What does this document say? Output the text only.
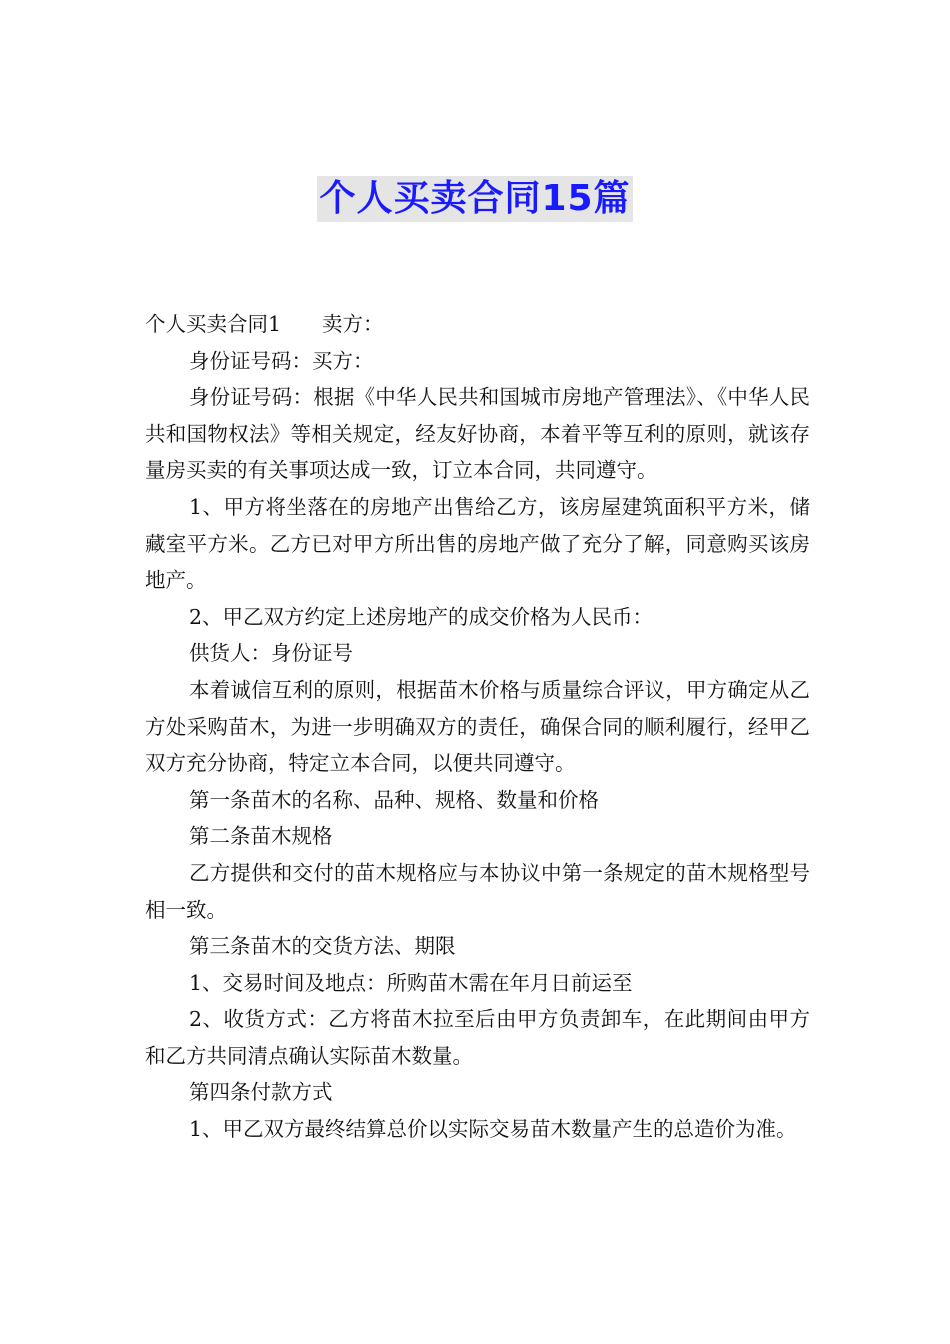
个人买卖合同15篇

个人买卖合同1　　卖方：

身份证号码：买方：

身份证号码：根据《中华人民共和国城市房地产管理法》、《中华人民共和国物权法》等相关规定，经友好协商，本着平等互利的原则，就该存量房买卖的有关事项达成一致，订立本合同，共同遵守。

1、甲方将坐落在的房地产出售给乙方，该房屋建筑面积平方米，储藏室平方米。乙方已对甲方所出售的房地产做了充分了解，同意购买该房地产。

2、甲乙双方约定上述房地产的成交价格为人民币：

供货人：身份证号

本着诚信互利的原则，根据苗木价格与质量综合评议，甲方确定从乙方处采购苗木，为进一步明确双方的责任，确保合同的顺利履行，经甲乙双方充分协商，特定立本合同，以便共同遵守。

第一条苗木的名称、品种、规格、数量和价格

第二条苗木规格

乙方提供和交付的苗木规格应与本协议中第一条规定的苗木规格型号相一致。

第三条苗木的交货方法、期限

1、交易时间及地点：所购苗木需在年月日前运至

2、收货方式：乙方将苗木拉至后由甲方负责卸车，在此期间由甲方和乙方共同清点确认实际苗木数量。

第四条付款方式

1、甲乙双方最终结算总价以实际交易苗木数量产生的总造价为准。
